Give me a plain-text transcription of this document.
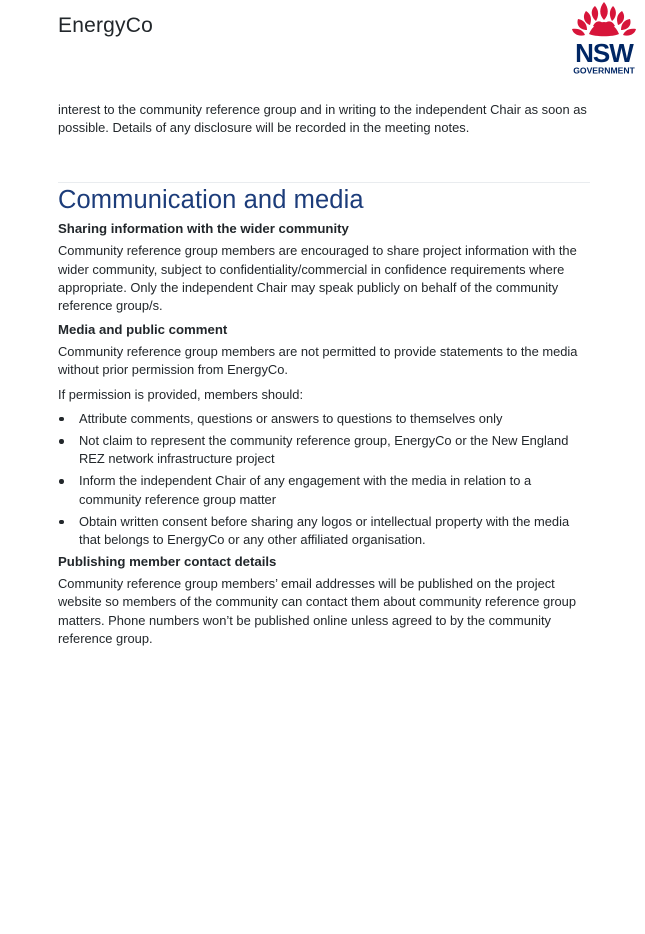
EnergyCo
NSW
GOVERNMENT

interest to the community reference group and in writing to the independent Chair as soon as possible. Details of any disclosure will be recorded in the meeting notes.

Communication and media
Sharing information with the wider community

Community reference group members are encouraged to share project information with the wider community, subject to confidentiality/commercial in confidence requirements where appropriate. Only the independent Chair may speak publicly on behalf of the community reference group/s.

Media and public comment

Community reference group members are not permitted to provide statements to the media without prior permission from EnergyCo.

If permission is provided, members should:

Attribute comments, questions or answers to questions to themselves only
Not claim to represent the community reference group, EnergyCo or the New England REZ network infrastructure project
Inform the independent Chair of any engagement with the media in relation to a community reference group matter
Obtain written consent before sharing any logos or intellectual property with the media that belongs to EnergyCo or any other affiliated organisation.
Publishing member contact details

Community reference group members’ email addresses will be published on the project website so members of the community can contact them about community reference group matters. Phone numbers won’t be published online unless agreed to by the community reference group.
